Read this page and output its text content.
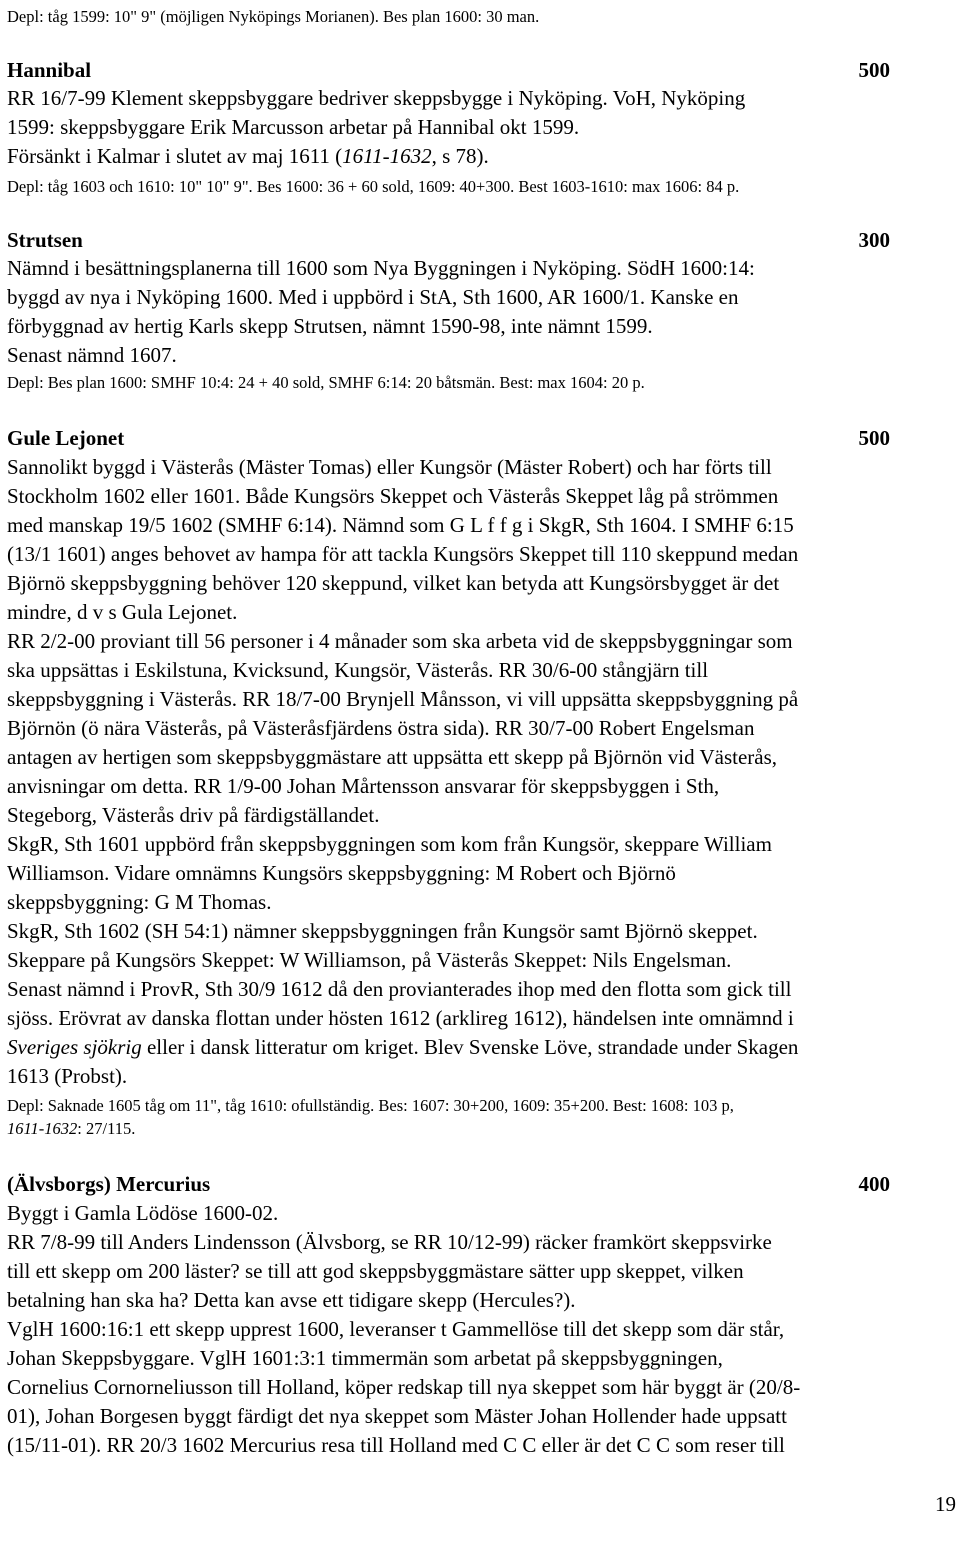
Depl: tåg 1599: 10" 9" (möjligen Nyköpings Morianen). Bes plan 1600: 30 man.
Hannibal	500
RR 16/7-99 Klement skeppsbyggare bedriver skeppsbygge i Nyköping. VoH, Nyköping
1599: skeppsbyggare Erik Marcusson arbetar på Hannibal okt 1599.
Försänkt i Kalmar i slutet av maj 1611 (1611-1632, s 78).
Depl: tåg 1603 och 1610: 10" 10" 9". Bes 1600: 36 + 60 sold, 1609: 40+300. Best 1603-1610: max 1606: 84 p.
Strutsen	300
Nämnd i besättningsplanerna till 1600 som Nya Byggningen i Nyköping. SödH 1600:14:
byggd av nya i Nyköping 1600. Med i uppbörd i StA, Sth 1600, AR 1600/1. Kanske en
förbyggnad av hertig Karls skepp Strutsen, nämnt 1590-98, inte nämnt 1599.
Senast nämnd 1607.
Depl: Bes plan 1600: SMHF 10:4: 24 + 40 sold, SMHF 6:14: 20 båtsmän. Best: max 1604: 20 p.
Gule Lejonet	500
Sannolikt byggd i Västerås (Mäster Tomas) eller Kungsör (Mäster Robert) och har förts till
Stockholm 1602 eller 1601. Både Kungsörs Skeppet och Västerås Skeppet låg på strömmen
med manskap 19/5 1602 (SMHF 6:14). Nämnd som G L f f g i SkgR, Sth 1604. I SMHF 6:15
(13/1 1601) anges behovet av hampa för att tackla Kungsörs Skeppet till 110 skeppund medan
Björnö skeppsbyggning behöver 120 skeppund, vilket kan betyda att Kungsörsbygget är det
mindre, d v s Gula Lejonet.
RR 2/2-00 proviant till 56 personer i 4 månader som ska arbeta vid de skeppsbyggningar som
ska uppsättas i Eskilstuna, Kvicksund, Kungsör, Västerås. RR 30/6-00 stångjärn till
skeppsbyggning i Västerås. RR 18/7-00 Brynjell Månsson, vi vill uppsätta skeppsbyggning på
Björnön (ö nära Västerås, på Västeråsfjärdens östra sida). RR 30/7-00 Robert Engelsman
antagen av hertigen som skeppsbyggmästare att uppsätta ett skepp på Björnön vid Västerås,
anvisningar om detta. RR 1/9-00 Johan Mårtensson ansvarar för skeppsbyggen i Sth,
Stegeborg, Västerås driv på färdigställandet.
SkgR, Sth 1601 uppbörd från skeppsbyggningen som kom från Kungsör, skeppare William
Williamson. Vidare omnämns Kungsörs skeppsbyggning: M Robert och Björnö
skeppsbyggning: G M Thomas.
SkgR, Sth 1602 (SH 54:1) nämner skeppsbyggningen från Kungsör samt Björnö skeppet.
Skeppare på Kungsörs Skeppet: W Williamson, på Västerås Skeppet: Nils Engelsman.
Senast nämnd i ProvR, Sth 30/9 1612 då den provianterades ihop med den flotta som gick till
sjöss. Erövrat av danska flottan under hösten 1612 (arklireg 1612), händelsen inte omnämnd i
Sveriges sjökrig eller i dansk litteratur om kriget. Blev Svenske Löve, strandade under Skagen
1613 (Probst).
Depl: Saknade 1605 tåg om 11", tåg 1610: ofullständig. Bes: 1607: 30+200, 1609: 35+200. Best: 1608: 103 p,
1611-1632: 27/115.
(Älvsborgs) Mercurius	400
Byggt i Gamla Lödöse 1600-02.
RR 7/8-99 till Anders Lindensson (Älvsborg, se RR 10/12-99) räcker framkört skeppsvirke
till ett skepp om 200 läster? se till att god skeppsbyggmästare sätter upp skeppet, vilken
betalning han ska ha? Detta kan avse ett tidigare skepp (Hercules?).
VglH 1600:16:1 ett skepp upprest 1600, leveranser t Gammellöse till det skepp som där står,
Johan Skeppsbyggare. VglH 1601:3:1 timmermän som arbetat på skeppsbyggningen,
Cornelius Cornorneliusson till Holland, köper redskap till nya skeppet som här byggt är (20/8-
01), Johan Borgesen byggt färdigt det nya skeppet som Mäster Johan Hollender hade uppsatt
(15/11-01). RR 20/3 1602 Mercurius resa till Holland med C C eller är det C C som reser till
19
